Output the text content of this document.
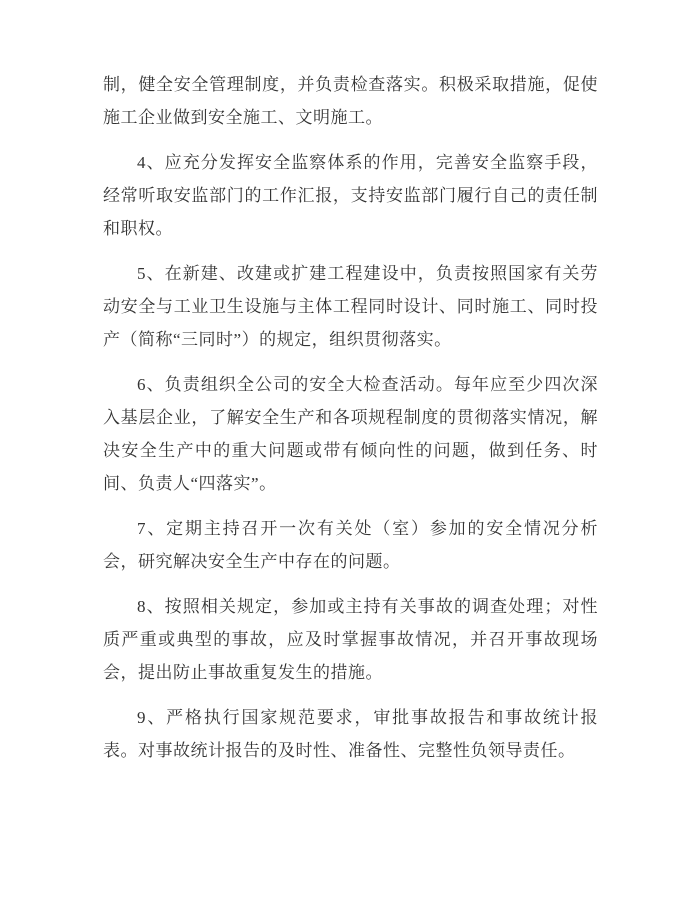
制，健全安全管理制度，并负责检查落实。积极采取措施，促使施工企业做到安全施工、文明施工。

4、应充分发挥安全监察体系的作用，完善安全监察手段，经常听取安监部门的工作汇报，支持安监部门履行自己的责任制和职权。

5、在新建、改建或扩建工程建设中，负责按照国家有关劳动安全与工业卫生设施与主体工程同时设计、同时施工、同时投产（简称“三同时”）的规定，组织贯彻落实。

6、负责组织全公司的安全大检查活动。每年应至少四次深入基层企业，了解安全生产和各项规程制度的贯彻落实情况，解决安全生产中的重大问题或带有倾向性的问题，做到任务、时间、负责人“四落实”。

7、定期主持召开一次有关处（室）参加的安全情况分析会，研究解决安全生产中存在的问题。

8、按照相关规定，参加或主持有关事故的调查处理；对性质严重或典型的事故，应及时掌握事故情况，并召开事故现场会，提出防止事故重复发生的措施。

9、严格执行国家规范要求，审批事故报告和事故统计报表。对事故统计报告的及时性、准备性、完整性负领导责任。
